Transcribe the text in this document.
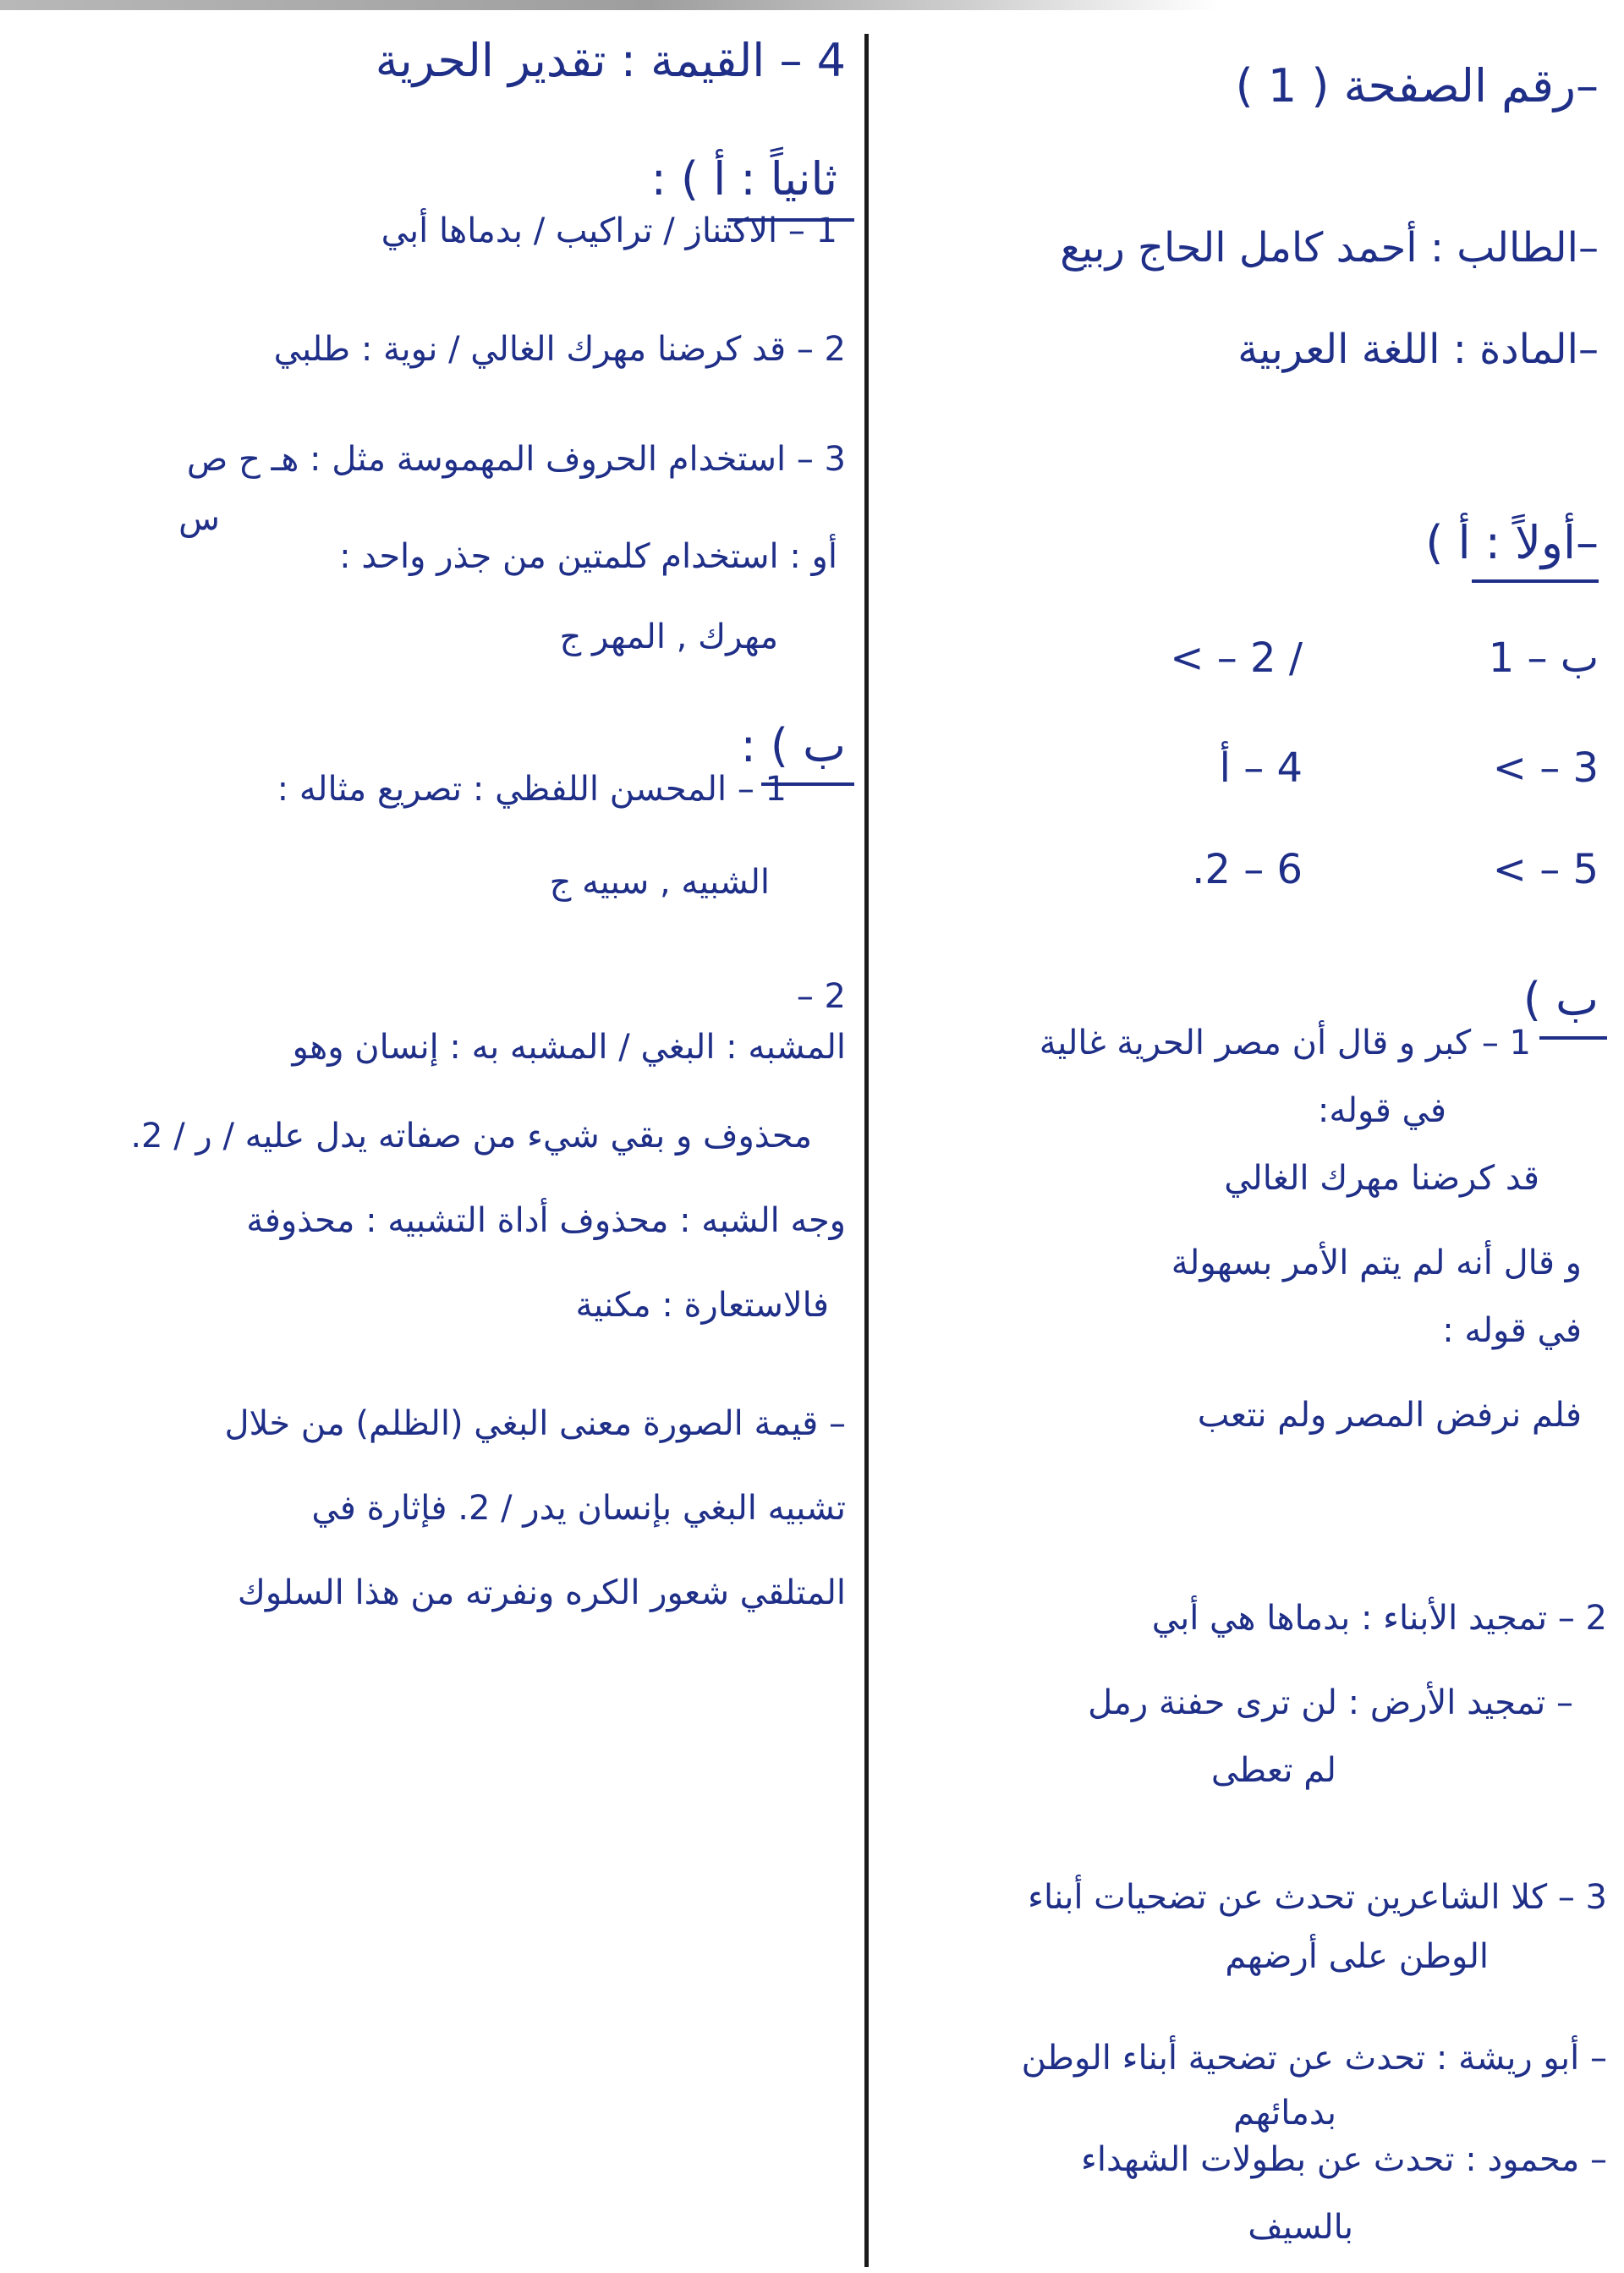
–رقم الصفحة ( 1 )
–الطالب : أحمد كامل الحاج ربيع
–المادة : اللغة العربية
–أولاً : أ )
ب – 1
/ 2 – >
3 – >
4 – أ
5 – >
6 – 2.
ب )
1 – كبر و قال أن مصر الحرية غالية
في قوله:
قد كرضنا مهرك الغالي
و قال أنه لم يتم الأمر بسهولة
في قوله :
فلم نرفض المصر ولم نتعب
2 – تمجيد الأبناء : بدماها هي أبي
– تمجيد الأرض : لن ترى حفنة رمل
لم تعطى
3 – كلا الشاعرين تحدث عن تضحيات أبناء
الوطن على أرضهم
– أبو ريشة : تحدث عن تضحية أبناء الوطن
بدمائهم
– محمود : تحدث عن بطولات الشهداء
بالسيف
4 – القيمة : تقدير الحرية
ثانياً : أ ) :
1 – الاكتناز / تراكيب / بدماها أبي
2 – قد كرضنا مهرك الغالي / نوية : طلبي
3 – استخدام الحروف المهموسة مثل : هـ ح ص
س
أو : استخدام كلمتين من جذر واحد :
مهرك , المهر ج
ب ) :
1 – المحسن اللفظي : تصريع مثاله :
الشبيه , سبيه ج
2 –
المشبه : البغي / المشبه به : إنسان وهو
محذوف و بقي شيء من صفاته يدل عليه / ر / 2.
وجه الشبه : محذوف أداة التشبيه : محذوفة
فالاستعارة : مكنية
– قيمة الصورة معنى البغي (الظلم) من خلال
تشبيه البغي بإنسان يدر / 2. فإثارة في
المتلقي شعور الكره ونفرته من هذا السلوك
